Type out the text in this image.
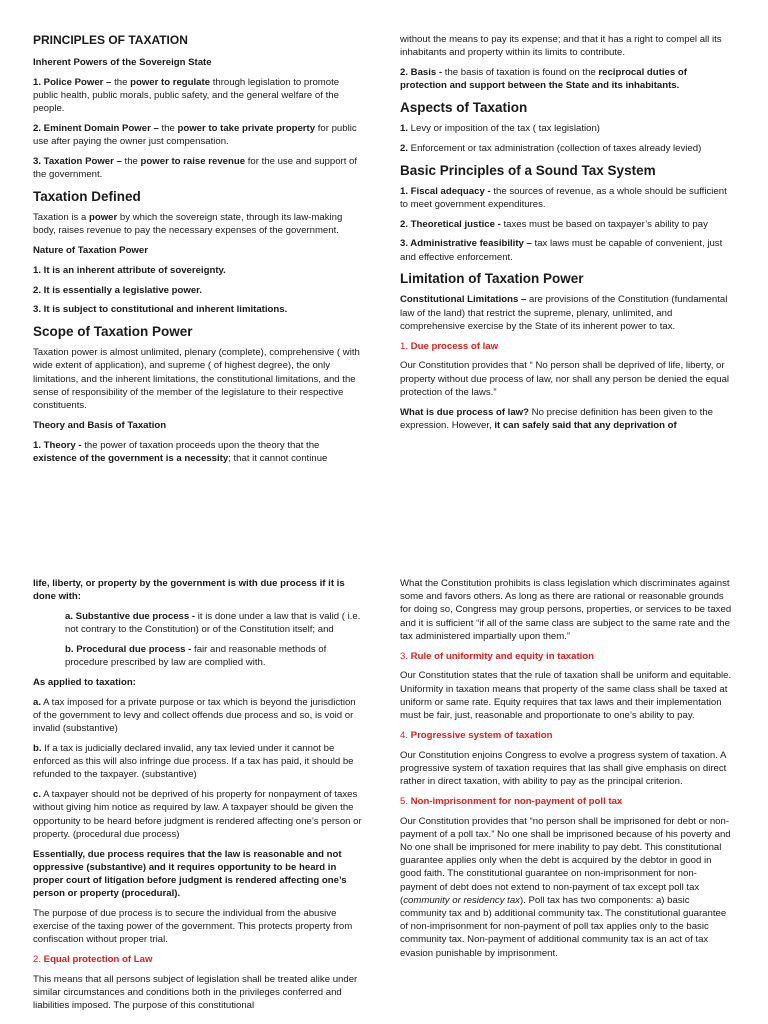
PRINCIPLES OF TAXATION

Inherent Powers of the Sovereign State

1. Police Power – the power to regulate through legislation to promote public health, public morals, public safety, and the general welfare of the people.

2. Eminent Domain Power – the power to take private property for public use after paying the owner just compensation.

3. Taxation Power – the power to raise revenue for the use and support of the government.

Taxation Defined

Taxation is a power by which the sovereign state, through its law-making body, raises revenue to pay the necessary expenses of the government.

Nature of Taxation Power

1. It is an inherent attribute of sovereignty.

2. It is essentially a legislative power.

3. It is subject to constitutional and inherent limitations.

Scope of Taxation Power

Taxation power is almost unlimited, plenary (complete), comprehensive ( with wide extent of application), and supreme ( of highest degree), the only limitations, and the inherent limitations, the constitutional limitations, and the sense of responsibility of the member of the legislature to their respective constituents.

Theory and Basis of Taxation

1. Theory - the power of taxation proceeds upon the theory that the existence of the government is a necessity; that it cannot continue

without the means to pay its expense; and that it has a right to compel all its inhabitants and property within its limits to contribute.

2. Basis - the basis of taxation is found on the reciprocal duties of protection and support between the State and its inhabitants.

Aspects of Taxation

1. Levy or imposition of the tax ( tax legislation)

2. Enforcement or tax administration (collection of taxes already levied)

Basic Principles of a Sound Tax System

1. Fiscal adequacy - the sources of revenue, as a whole should be sufficient to meet government expenditures.

2. Theoretical justice - taxes must be based on taxpayer’s ability to pay

3. Administrative feasibility – tax laws must be capable of convenient, just and effective enforcement.

Limitation of Taxation Power

Constitutional Limitations – are provisions of the Constitution (fundamental law of the land) that restrict the supreme, plenary, unlimited, and comprehensive exercise by the State of its inherent power to tax.

1. Due process of law

Our Constitution provides that “ No person shall be deprived of life, liberty, or property without due process of law, nor shall any person be denied the equal protection of the laws.”

What is due process of law? No precise definition has been given to the expression. However, it can safely said that any deprivation of

life, liberty, or property by the government is with due process if it is done with:

a. Substantive due process - it is done under a law that is valid ( i.e. not contrary to the Constitution) or of the Constitution itself; and

b. Procedural due process - fair and reasonable methods of procedure prescribed by law are complied with.

As applied to taxation:

a. A tax imposed for a private purpose or tax which is beyond the jurisdiction of the government to levy and collect offends due process and so, is void or invalid (substantive)

b. If a tax is judicially declared invalid, any tax levied under it cannot be enforced as this will also infringe due process. If a tax has paid, it should be refunded to the taxpayer. (substantive)

c. A taxpayer should not be deprived of his property for nonpayment of taxes without giving him notice as required by law. A taxpayer should be given the opportunity to be heard before judgment is rendered affecting one’s person or property. (procedural due process)

Essentially, due process requires that the law is reasonable and not oppressive (substantive) and it requires opportunity to be heard in proper court of litigation before judgment is rendered affecting one’s person or property (procedural).

The purpose of due process is to secure the individual from the abusive exercise of the taxing power of the government. This protects property from confiscation without proper trial.

2. Equal protection of Law

This means that all persons subject of legislation shall be treated alike under similar circumstances and conditions both in the privileges conferred and liabilities imposed. The purpose of this constitutional

What the Constitution prohibits is class legislation which discriminates against some and favors others. As long as there are rational or reasonable grounds for doing so, Congress may group persons, properties, or services to be taxed and it is sufficient “if all of the same class are subject to the same rate and the tax administered impartially upon them.”

3. Rule of uniformity and equity in taxation

Our Constitution states that the rule of taxation shall be uniform and equitable. Uniformity in taxation means that property of the same class shall be taxed at uniform or same rate. Equity requires that tax laws and their implementation must be fair, just, reasonable and proportionate to one’s ability to pay.

4. Progressive system of taxation

Our Constitution enjoins Congress to evolve a progress system of taxation. A progressive system of taxation requires that las shall give emphasis on direct rather in direct taxation, with ability to pay as the principal criterion.

5. Non-imprisonment for non-payment of poll tax

Our Constitution provides that “no person shall be imprisoned for debt or non-payment of a poll tax.” No one shall be imprisoned because of his poverty and No one shall be imprisoned for mere inability to pay debt. This constitutional guarantee applies only when the debt is acquired by the debtor in good in good faith. The constitutional guarantee on non-imprisonment for non-payment of debt does not extend to non-payment of tax except poll tax (community or residency tax). Poll tax has two components: a) basic community tax and b) additional community tax. The constitutional guarantee of non-imprisonment for non-payment of poll tax applies only to the basic community tax. Non-payment of additional community tax is an act of tax evasion punishable by imprisonment.
